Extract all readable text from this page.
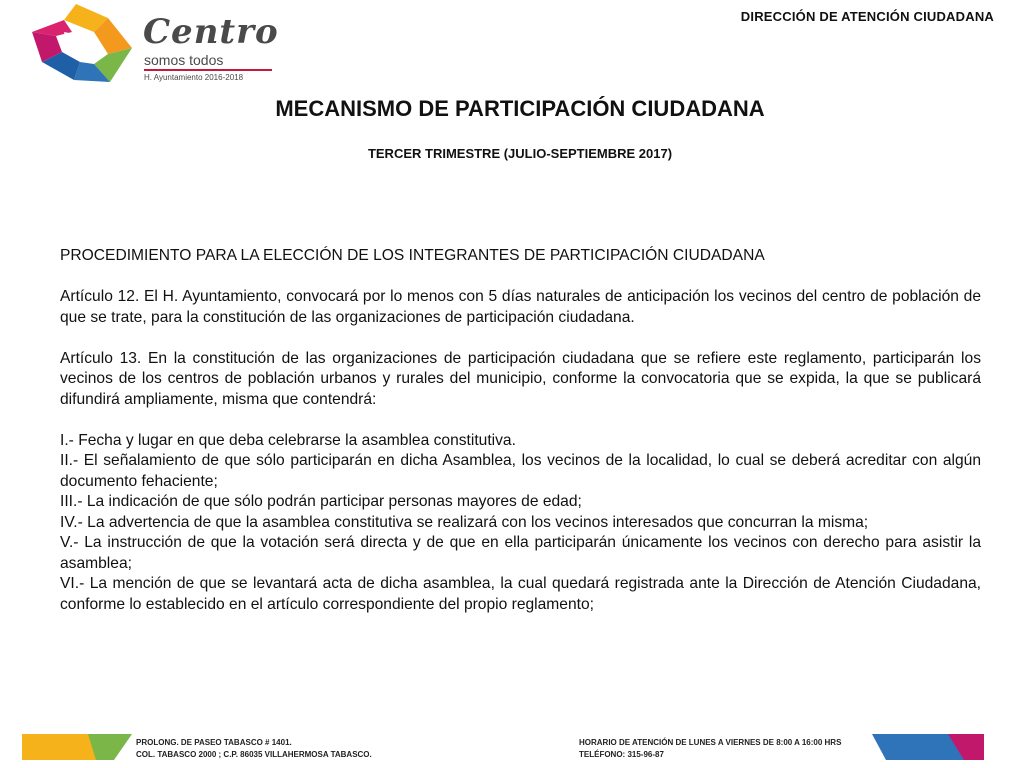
Centro
somos todos
H. Ayuntamiento 2016-2018
DIRECCIÓN DE ATENCIÓN CIUDADANA
MECANISMO DE PARTICIPACIÓN CIUDADANA
TERCER TRIMESTRE (JULIO-SEPTIEMBRE 2017)

PROCEDIMIENTO PARA LA ELECCIÓN DE LOS INTEGRANTES DE PARTICIPACIÓN CIUDADANA

Artículo 12. El H. Ayuntamiento, convocará por lo menos con 5 días naturales de anticipación los vecinos del centro de población de que se trate, para la constitución de las organizaciones de participación ciudadana.

Artículo 13. En la constitución de las organizaciones de participación ciudadana que se refiere este reglamento, participarán los vecinos de los centros de población urbanos y rurales del municipio, conforme la convocatoria que se expida, la que se publicará difundirá ampliamente, misma que contendrá:

I.- Fecha y lugar en que deba celebrarse la asamblea constitutiva.

II.- El señalamiento de que sólo participarán en dicha Asamblea, los vecinos de la localidad, lo cual se deberá acreditar con algún documento fehaciente;

III.- La indicación de que sólo podrán participar personas mayores de edad;

IV.- La advertencia de que la asamblea constitutiva se realizará con los vecinos interesados que concurran la misma;

V.- La instrucción de que la votación será directa y de que en ella participarán únicamente los vecinos con derecho para asistir la asamblea;

VI.- La mención de que se levantará acta de dicha asamblea, la cual quedará registrada ante la Dirección de Atención Ciudadana, conforme lo establecido en el artículo correspondiente del propio reglamento;

PROLONG. DE PASEO TABASCO # 1401.
COL. TABASCO 2000 ; C.P. 86035 VILLAHERMOSA TABASCO.
HORARIO DE ATENCIÓN DE LUNES A VIERNES DE 8:00 A 16:00 HRS
TELÉFONO: 315-96-87
